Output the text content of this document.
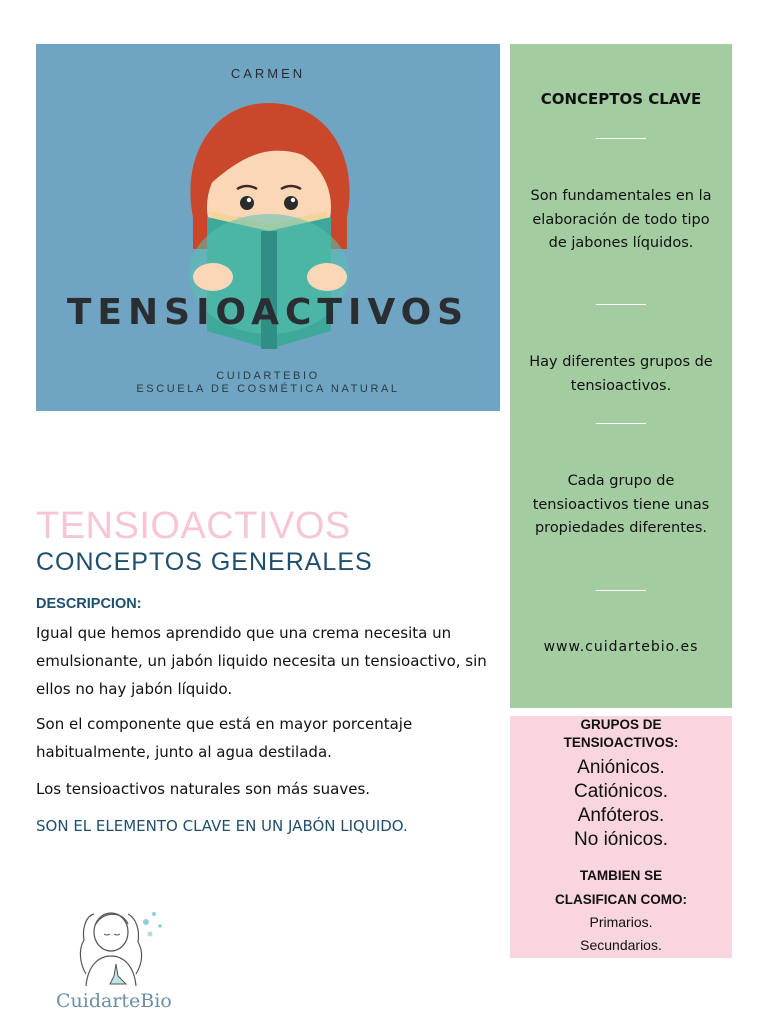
CARMEN
TENSIOACTIVOS
CUIDARTEBIO
ESCUELA DE COSMÉTICA NATURAL
CONCEPTOS CLAVE
Son fundamentales en la elaboración de todo tipo de jabones líquidos.
Hay diferentes grupos de tensioactivos.
Cada grupo de tensioactivos tiene unas propiedades diferentes.
www.cuidartebio.es
GRUPOS DE
TENSIOACTIVOS:
Aniónicos.
Catiónicos.
Anfóteros.
No iónicos.
TAMBIEN SE
CLASIFICAN COMO:
Primarios.
Secundarios.
TENSIOACTIVOS
CONCEPTOS GENERALES
DESCRIPCION:
Igual que hemos aprendido que una crema necesita un emulsionante, un jabón liquido necesita un tensioactivo, sin ellos no hay jabón líquido.
Son el componente que está en mayor porcentaje habitualmente, junto al agua destilada.
Los tensioactivos naturales son más suaves.
SON EL ELEMENTO CLAVE EN UN JABÓN LIQUIDO.
CuidarteBio
